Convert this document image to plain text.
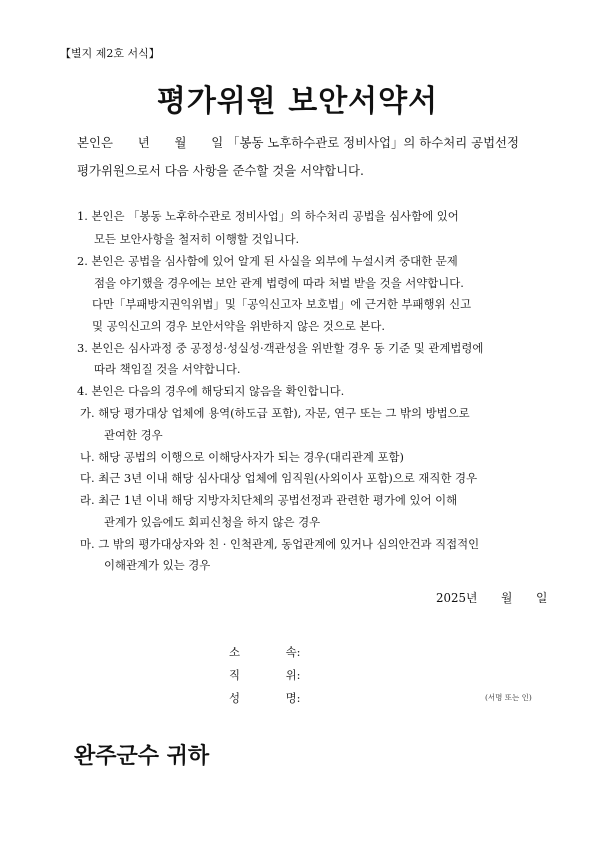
【별지 제2호 서식】
평가위원 보안서약서
본인은　　년　　월　　일 「봉동 노후하수관로 정비사업」의 하수처리 공법선정
평가위원으로서 다음 사항을 준수할 것을 서약합니다.
1. 본인은 「봉동 노후하수관로 정비사업」의 하수처리 공법을 심사함에 있어
모든 보안사항을 철저히 이행할 것입니다.
2. 본인은 공법을 심사함에 있어 알게 된 사실을 외부에 누설시켜 중대한 문제
점을 야기했을 경우에는 보안 관계 법령에 따라 처벌 받을 것을 서약합니다.
다만「부패방지권익위법」및「공익신고자 보호법」에 근거한 부패행위 신고
및 공익신고의 경우 보안서약을 위반하지 않은 것으로 본다.
3. 본인은 심사과정 중 공정성·성실성·객관성을 위반할 경우 동 기준 및 관계법령에
따라 책임질 것을 서약합니다.
4. 본인은 다음의 경우에 해당되지 않음을 확인합니다.
가. 해당 평가대상 업체에 용역(하도급 포함), 자문, 연구 또는 그 밖의 방법으로
관여한 경우
나. 해당 공법의 이행으로 이해당사자가 되는 경우(대리관계 포함)
다. 최근 3년 이내 해당 심사대상 업체에 임직원(사외이사 포함)으로 재직한 경우
라. 최근 1년 이내 해당 지방자치단체의 공법선정과 관련한 평가에 있어 이해
관계가 있음에도 회피신청을 하지 않은 경우
마. 그 밖의 평가대상자와 친 · 인척관계, 동업관계에 있거나 심의안건과 직접적인
이해관계가 있는 경우
2025년　　월　　일
소　　　　속:
직　　　　위:
성　　　　명:	(서명 또는 인)
완주군수 귀하
